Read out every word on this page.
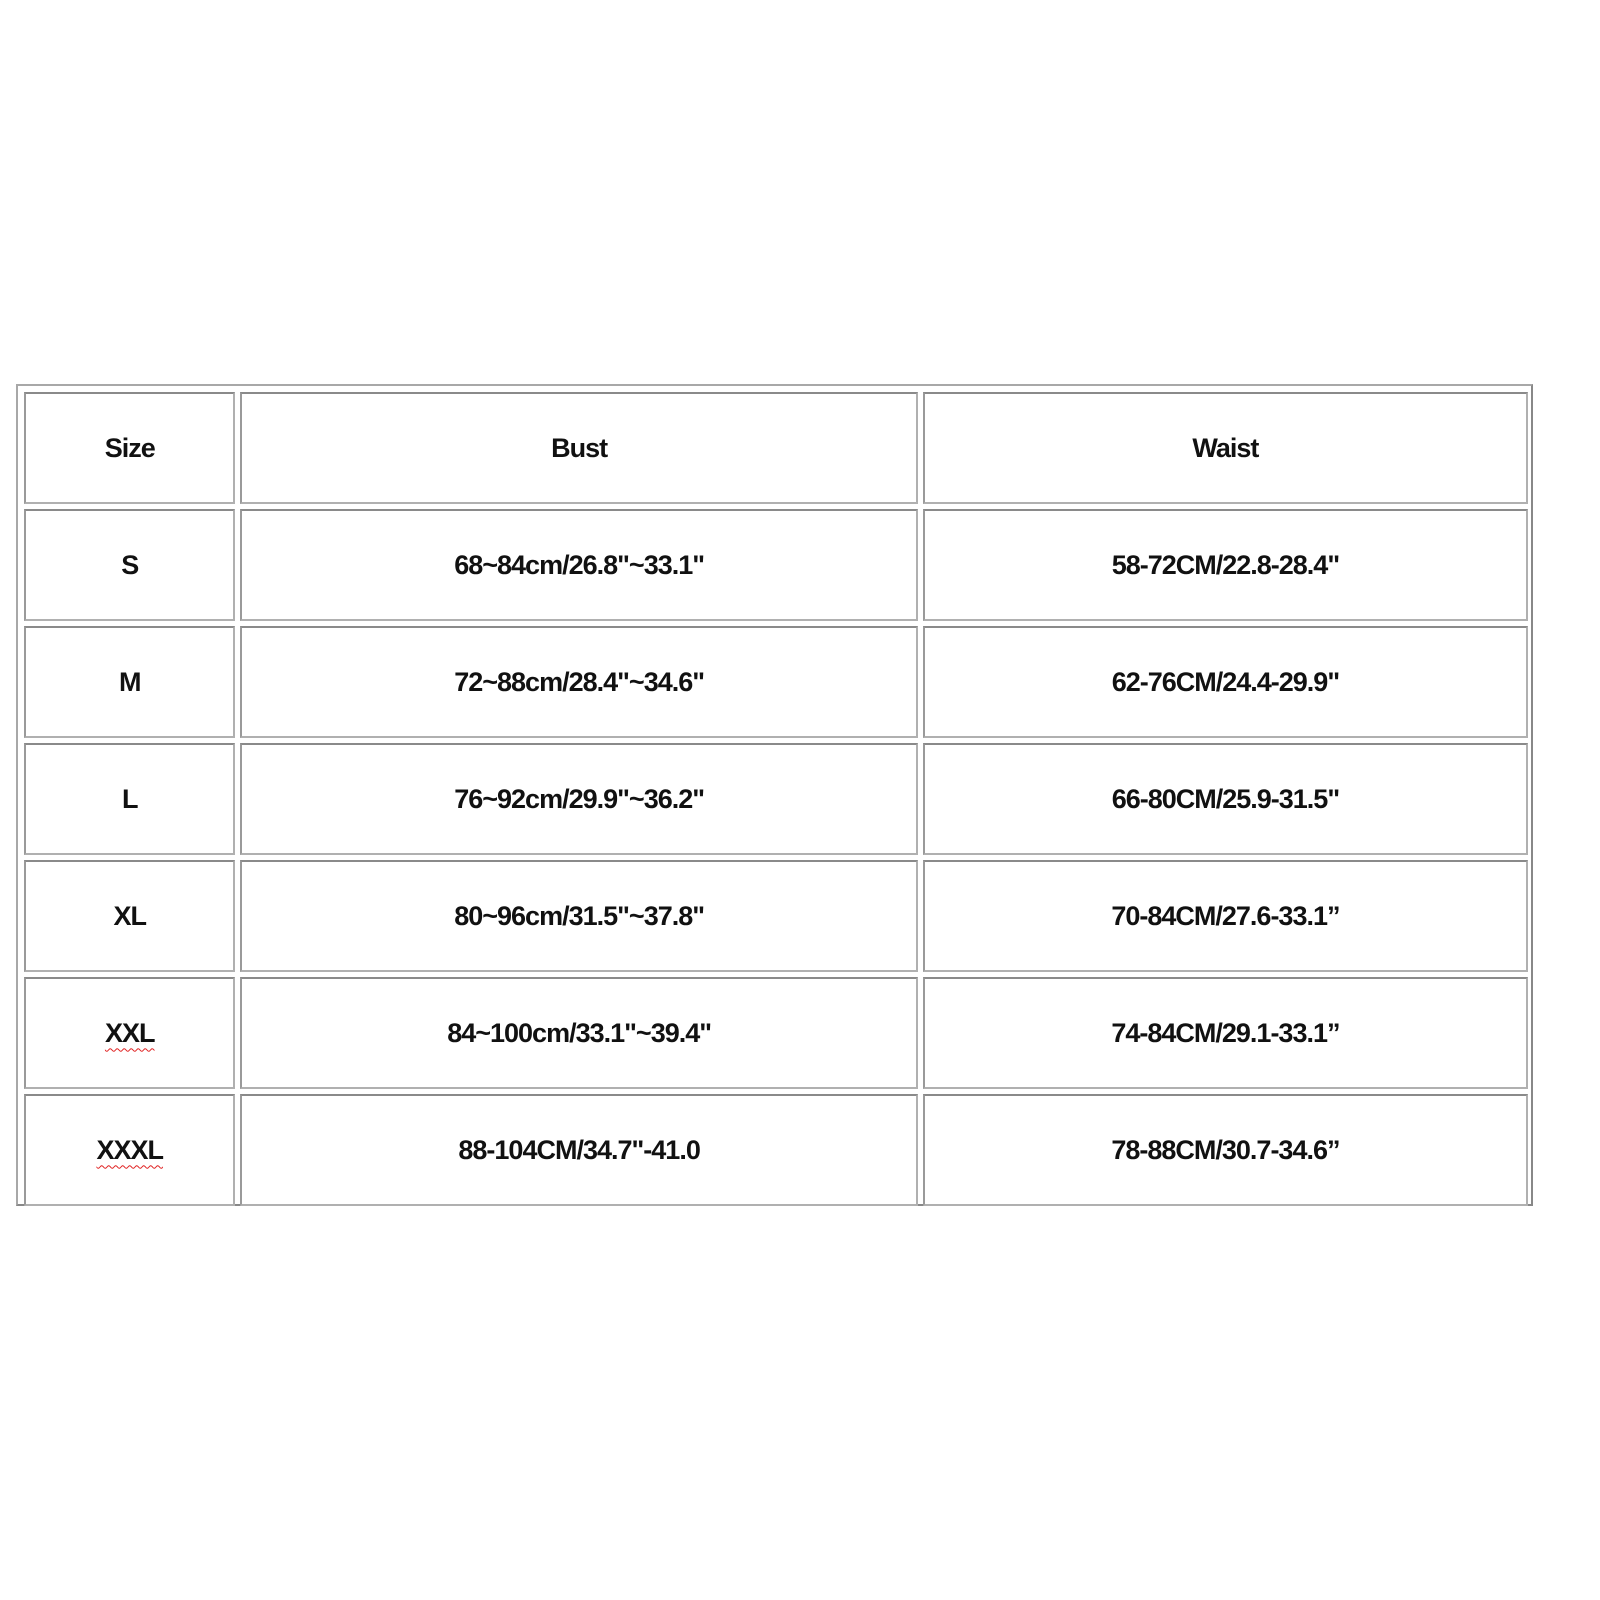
Size	Bust	Waist
S	68~84cm/26.8"~33.1"	58-72CM/22.8-28.4"
M	72~88cm/28.4"~34.6"	62-76CM/24.4-29.9"
L	76~92cm/29.9"~36.2"	66-80CM/25.9-31.5"
XL	80~96cm/31.5"~37.8"	70-84CM/27.6-33.1”
XXL	84~100cm/33.1"~39.4"	74-84CM/29.1-33.1”
XXXL	88-104CM/34.7"-41.0	78-88CM/30.7-34.6”
